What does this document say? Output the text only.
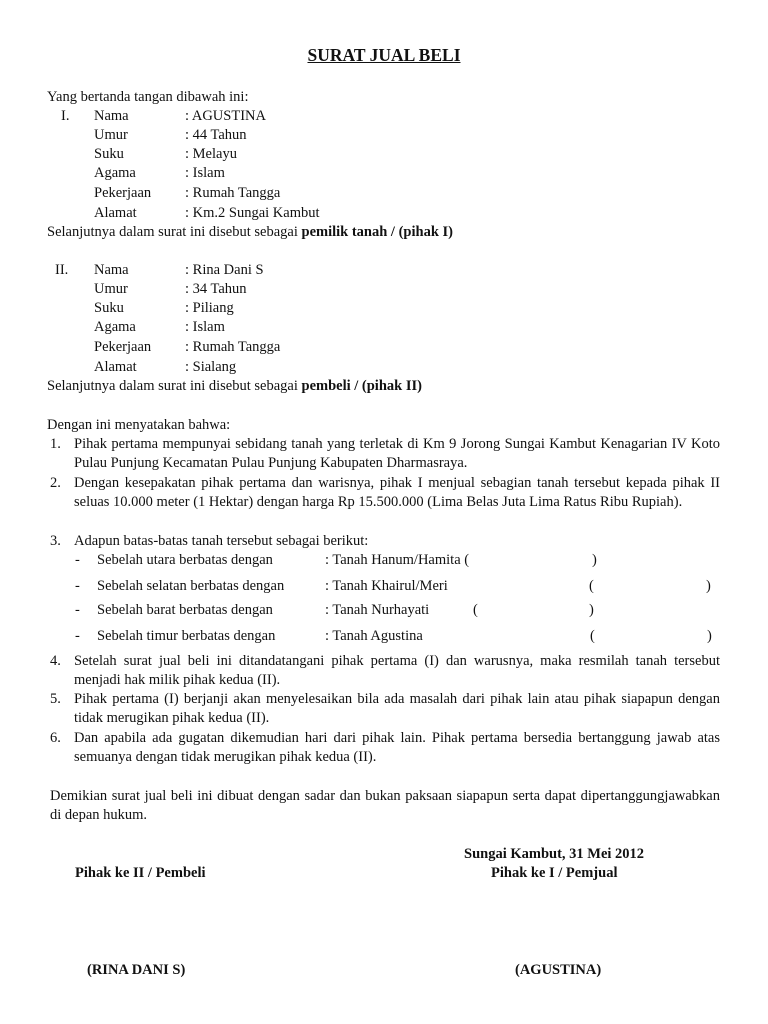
SURAT JUAL BELI
Yang bertanda tangan dibawah ini:
I. Nama	: AGUSTINA
Umur	: 44 Tahun
Suku	: Melayu
Agama	: Islam
Pekerjaan : Rumah Tangga
Alamat	: Km.2 Sungai Kambut
Selanjutnya dalam surat ini disebut sebagai pemilik tanah / (pihak I)
II. Nama	: Rina Dani S
Umur	: 34 Tahun
Suku	: Piliang
Agama	: Islam
Pekerjaan : Rumah Tangga
Alamat	: Sialang
Selanjutnya dalam surat ini disebut sebagai pembeli / (pihak II)
Dengan ini menyatakan bahwa:
1. Pihak pertama mempunyai sebidang tanah yang terletak di Km 9 Jorong Sungai Kambut Kenagarian IV Koto Pulau Punjung Kecamatan Pulau Punjung Kabupaten Dharmasraya.
2. Dengan kesepakatan pihak pertama dan warisnya, pihak I menjual sebagian tanah tersebut kepada pihak II seluas 10.000 meter (1 Hektar) dengan harga Rp 15.500.000 (Lima Belas Juta Lima Ratus Ribu Rupiah).
3. Adapun batas-batas tanah tersebut sebagai berikut:
- Sebelah utara berbatas dengan	: Tanah Hanum/Hamita (	)
- Sebelah selatan berbatas dengan	: Tanah Khairul/Meri	(	)
- Sebelah barat berbatas dengan	: Tanah Nurhayati	(	)
- Sebelah timur berbatas dengan	: Tanah Agustina	(	)
4. Setelah surat jual beli ini ditandatangani pihak pertama (I) dan warusnya, maka resmilah tanah tersebut menjadi hak milik pihak kedua (II).
5. Pihak pertama (I) berjanji akan menyelesaikan bila ada masalah dari pihak lain atau pihak siapapun dengan tidak merugikan pihak kedua (II).
6. Dan apabila ada gugatan dikemudian hari dari pihak lain. Pihak pertama bersedia bertanggung jawab atas semuanya dengan tidak merugikan pihak kedua (II).
Demikian surat jual beli ini dibuat dengan sadar dan bukan paksaan siapapun serta dapat dipertanggungjawabkan di depan hukum.
Sungai Kambut, 31 Mei 2012
Pihak ke II / Pembeli	Pihak ke I / Pemjual
(RINA DANI S)	(AGUSTINA)
